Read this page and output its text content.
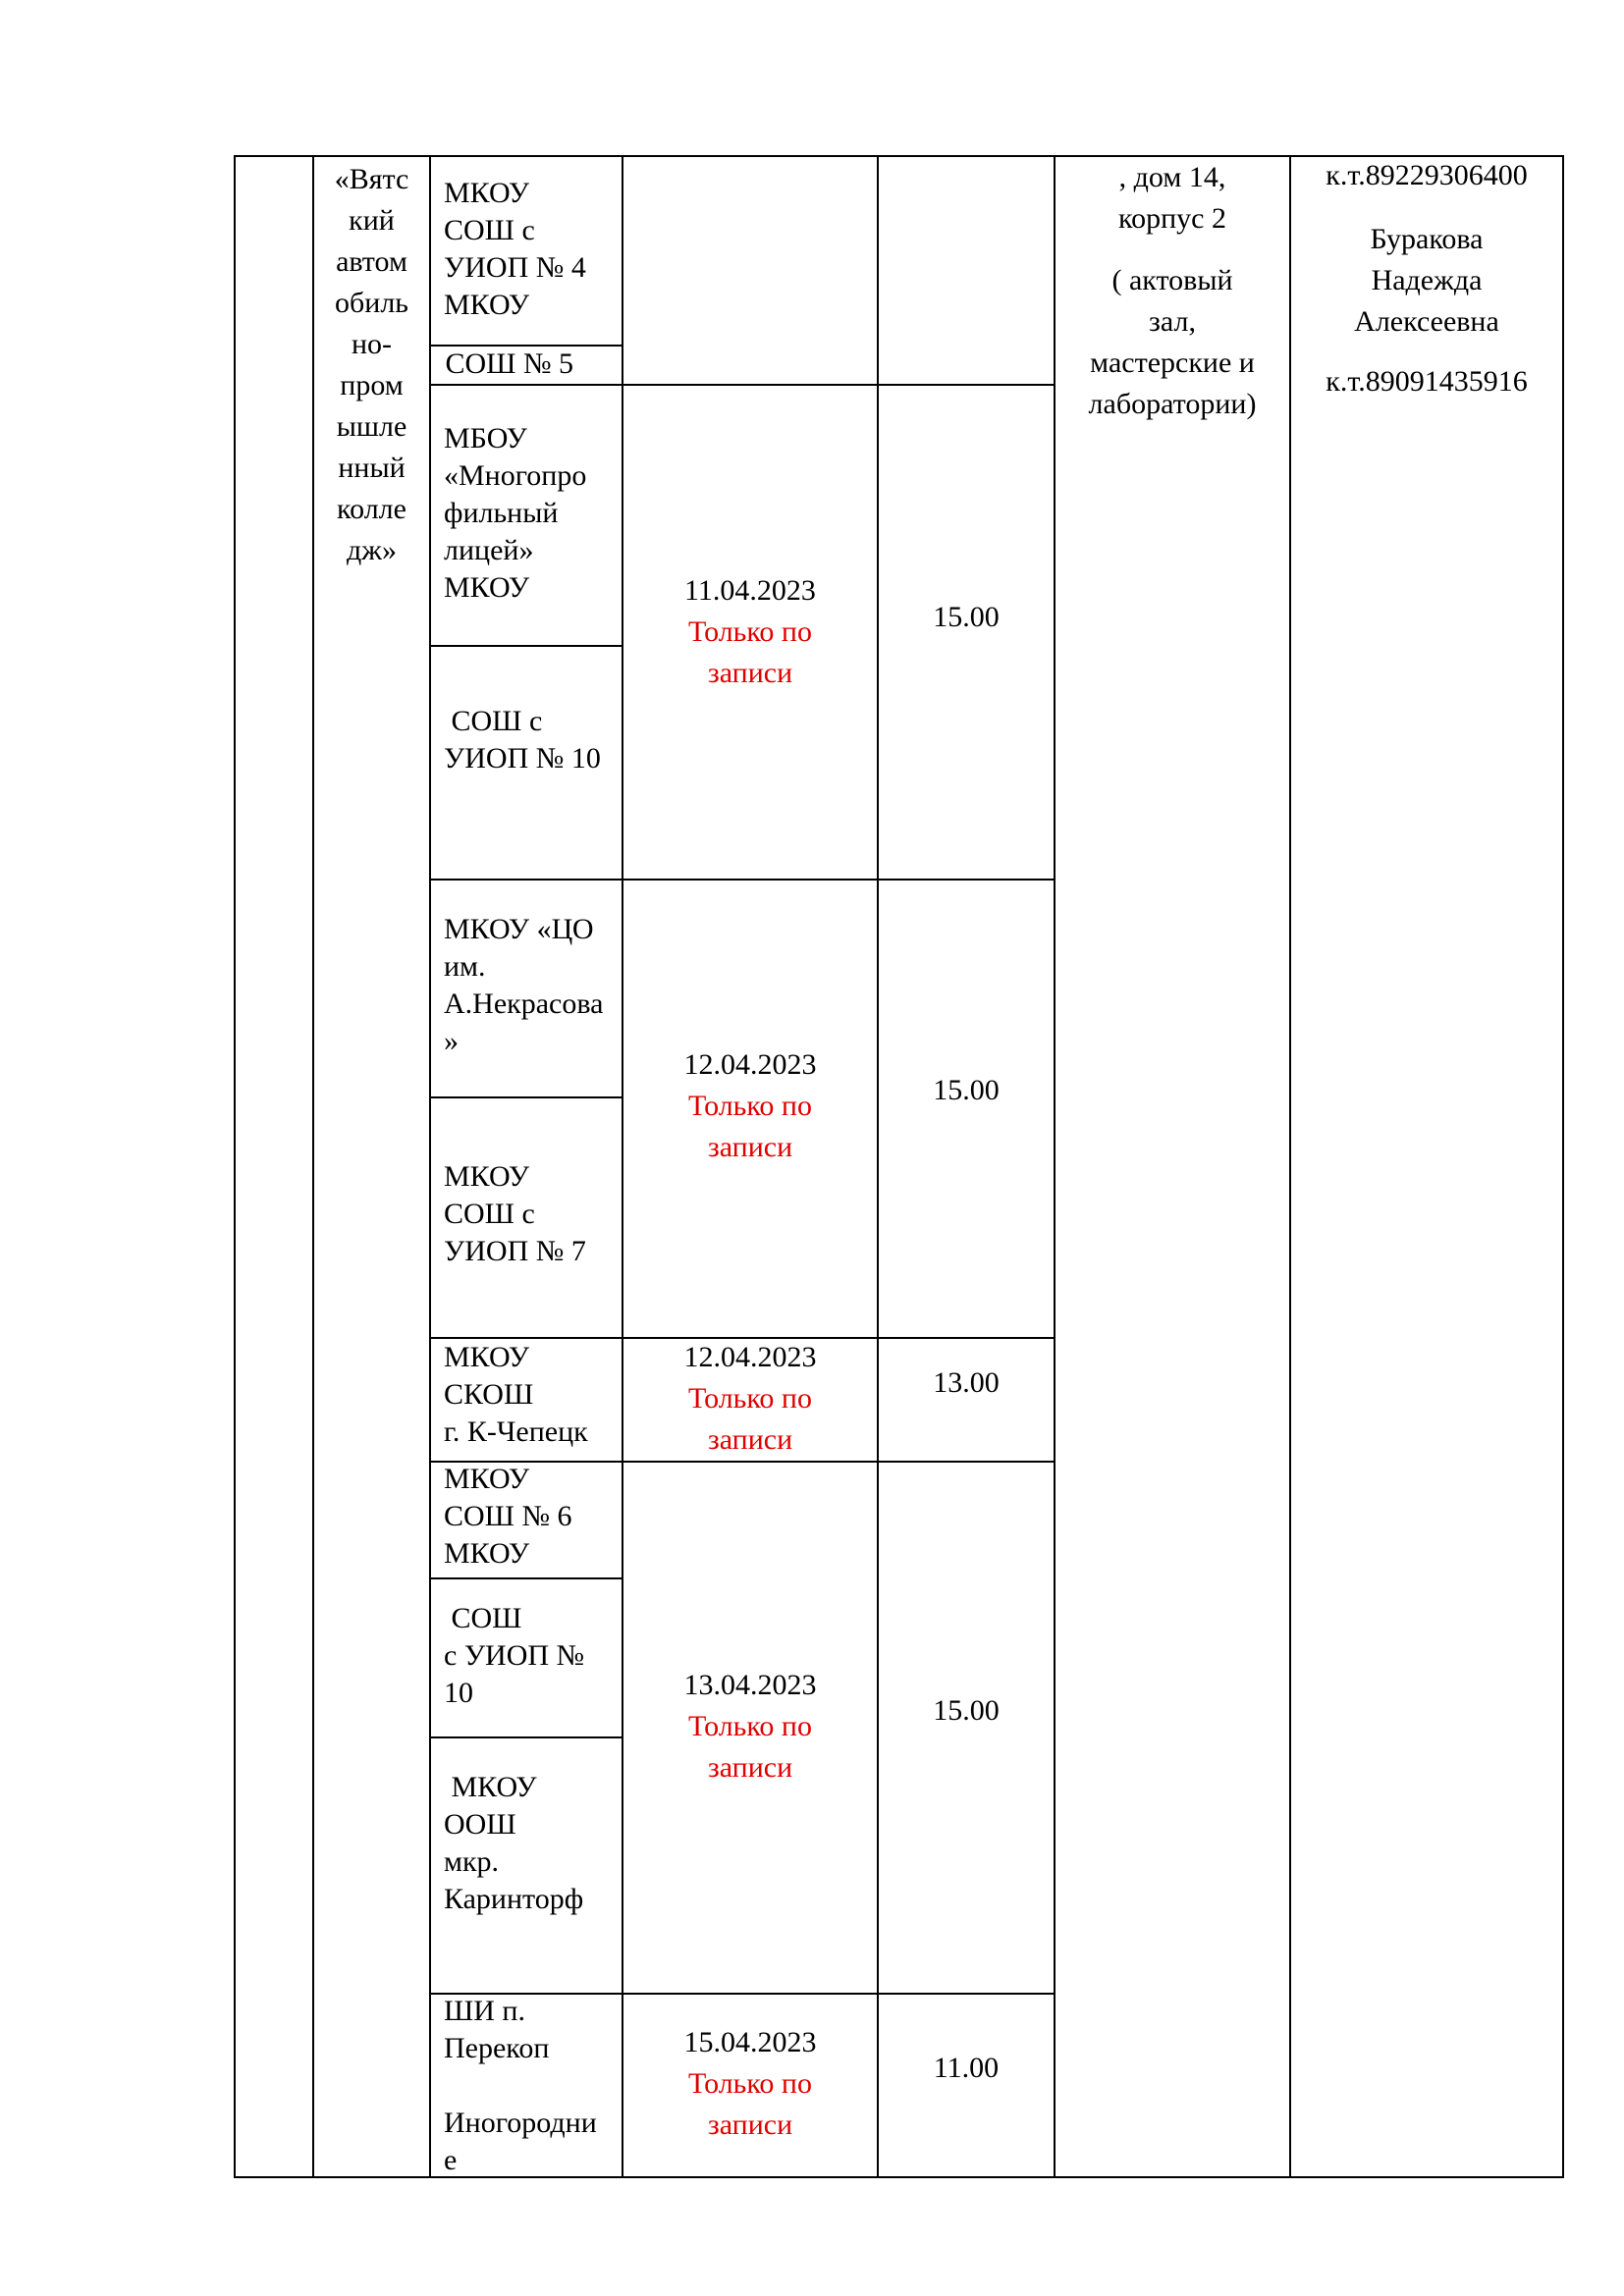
«Вятс
кий
автом
обиль
но-
пром
ышле
нный
колле
дж»
МКОУ
СОШ с
УИОП № 4
МКОУ
СОШ № 5
МБОУ
«Многопро
фильный
лицей»
МКОУ
СОШ с
УИОП № 10
МКОУ «ЦО
им.
А.Некрасова
»
МКОУ
СОШ с
УИОП № 7
МКОУ
СКОШ
г. К-Чепецк
МКОУ
СОШ № 6
МКОУ
СОШ
с УИОП №
10
МКОУ
ООШ
мкр.
Каринторф
ШИ п.
Перекоп

Иногородни
е
11.04.2023
Только по
записи
12.04.2023
Только по
записи
12.04.2023
Только по
записи
13.04.2023
Только по
записи
15.04.2023
Только по
записи
15.00
15.00
13.00
15.00
11.00
, дом 14,
корпус 2
( актовый
зал,
мастерские и
лаборатории)
к.т.89229306400
Буракова
Надежда
Алексеевна
к.т.89091435916
